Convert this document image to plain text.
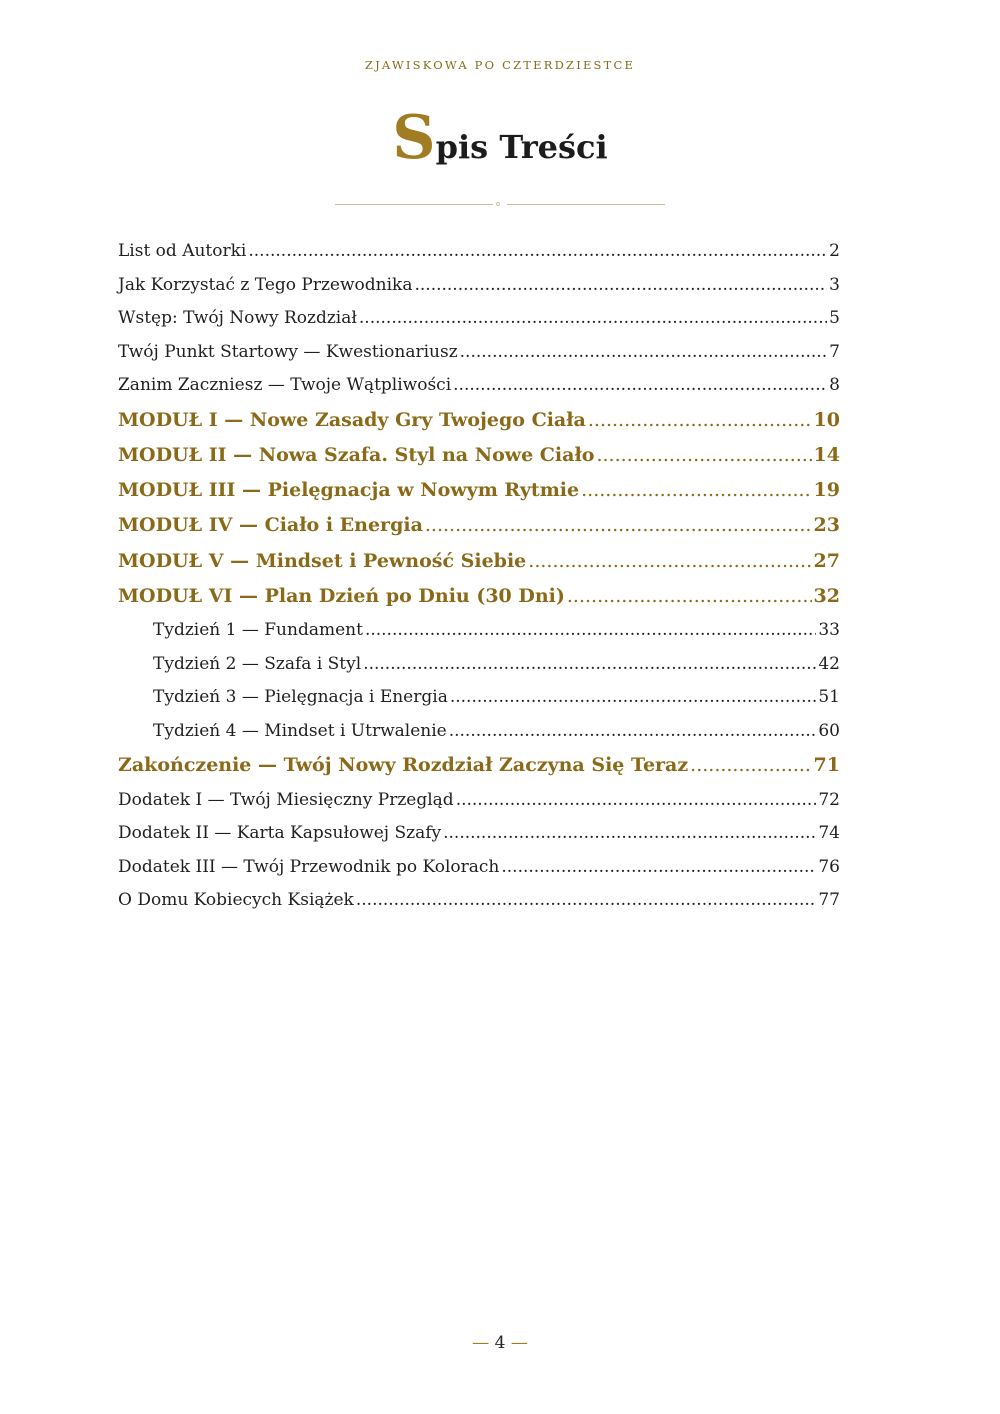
ZJAWISKOWA PO CZTERDZIESTCE
Spis Treści
List od Autorki .....	2
Jak Korzystać z Tego Przewodnika .....	3
Wstęp: Twój Nowy Rozdział .....	5
Twój Punkt Startowy — Kwestionariusz .....	7
Zanim Zaczniesz — Twoje Wątpliwości .....	8
MODUŁ I — Nowe Zasady Gry Twojego Ciała .....	10
MODUŁ II — Nowa Szafa. Styl na Nowe Ciało .....	14
MODUŁ III — Pielęgnacja w Nowym Rytmie .....	19
MODUŁ IV — Ciało i Energia .....	23
MODUŁ V — Mindset i Pewność Siebie .....	27
MODUŁ VI — Plan Dzień po Dniu (30 Dni) .....	32
Tydzień 1 — Fundament .....	33
Tydzień 2 — Szafa i Styl .....	42
Tydzień 3 — Pielęgnacja i Energia .....	51
Tydzień 4 — Mindset i Utrwalenie .....	60
Zakończenie — Twój Nowy Rozdział Zaczyna Się Teraz .....	71
Dodatek I — Twój Miesięczny Przegląd .....	72
Dodatek II — Karta Kapsułowej Szafy .....	74
Dodatek III — Twój Przewodnik po Kolorach .....	76
O Domu Kobiecych Książek .....	77
— 4 —
